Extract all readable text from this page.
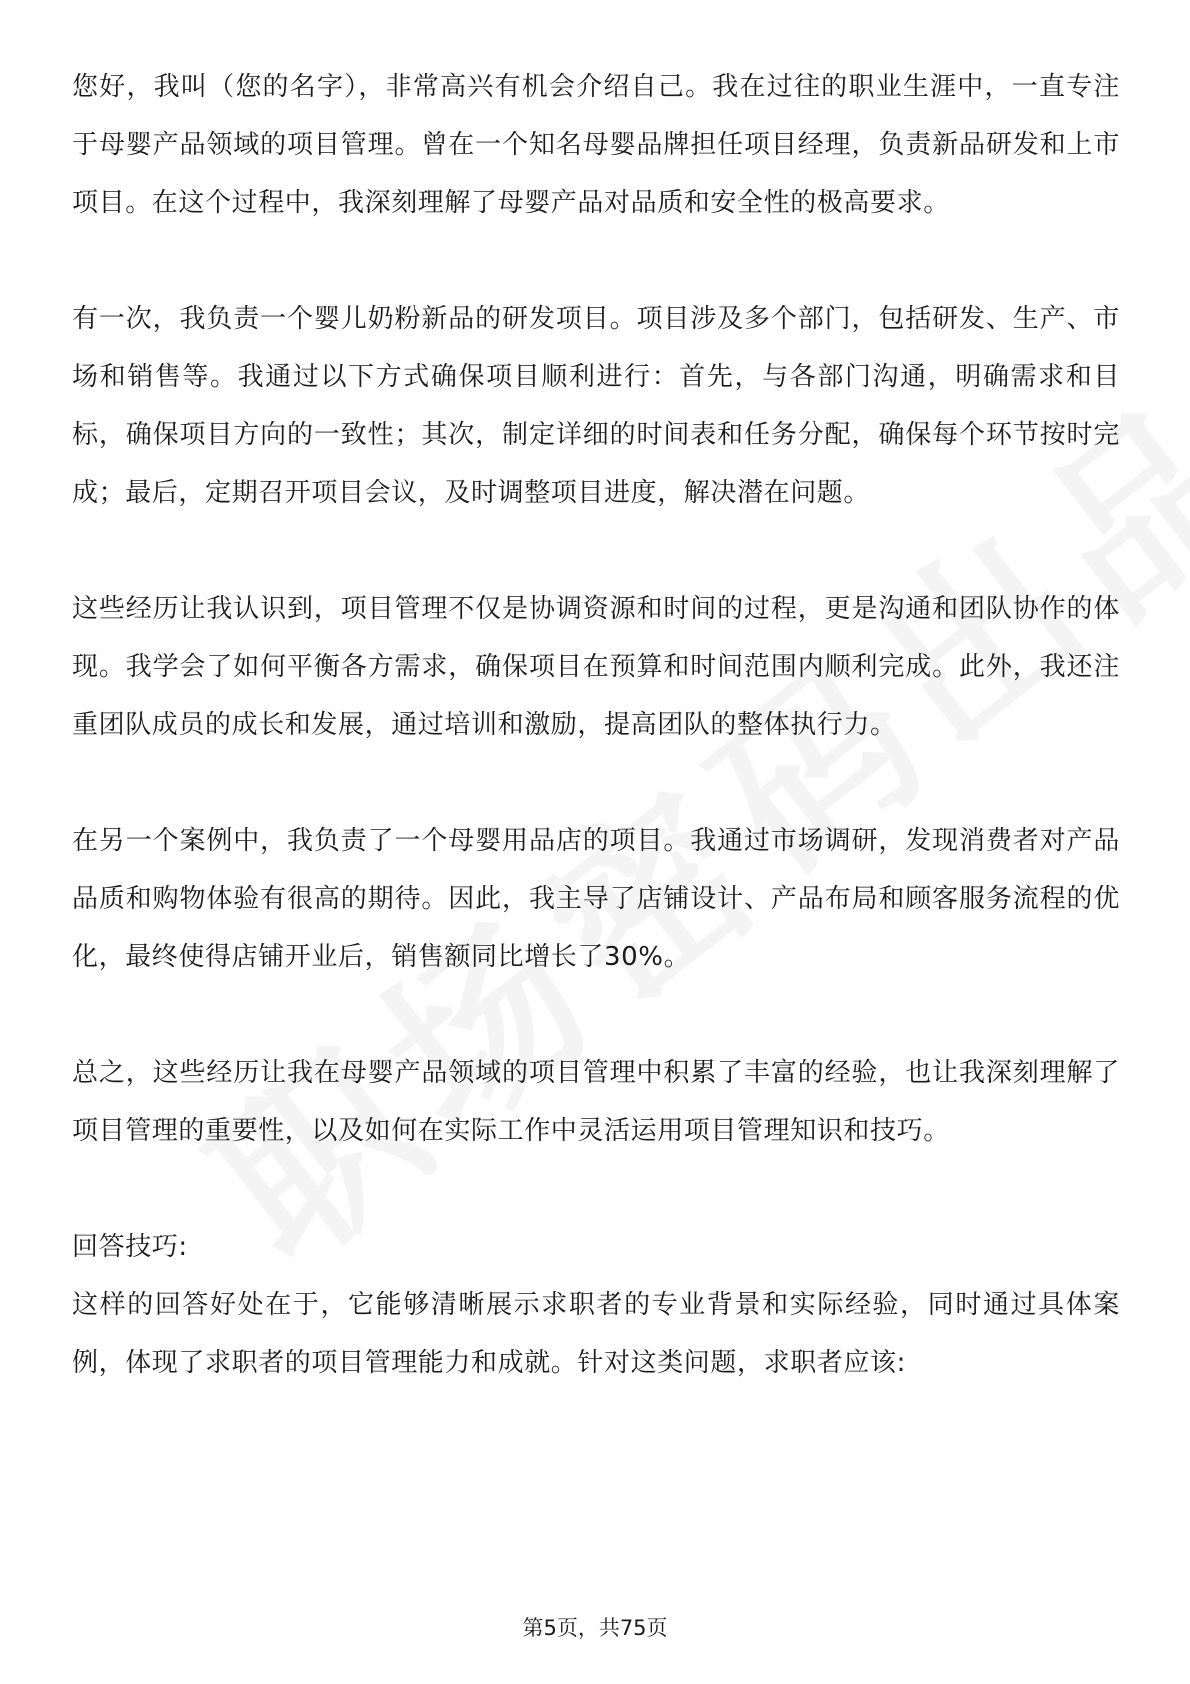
您好，我叫（您的名字），非常高兴有机会介绍自己。我在过往的职业生涯中，一直专注于母婴产品领域的项目管理。曾在一个知名母婴品牌担任项目经理，负责新品研发和上市项目。在这个过程中，我深刻理解了母婴产品对品质和安全性的极高要求。

有一次，我负责一个婴儿奶粉新品的研发项目。项目涉及多个部门，包括研发、生产、市场和销售等。我通过以下方式确保项目顺利进行：首先，与各部门沟通，明确需求和目标，确保项目方向的一致性；其次，制定详细的时间表和任务分配，确保每个环节按时完成；最后，定期召开项目会议，及时调整项目进度，解决潜在问题。

这些经历让我认识到，项目管理不仅是协调资源和时间的过程，更是沟通和团队协作的体现。我学会了如何平衡各方需求，确保项目在预算和时间范围内顺利完成。此外，我还注重团队成员的成长和发展，通过培训和激励，提高团队的整体执行力。

在另一个案例中，我负责了一个母婴用品店的项目。我通过市场调研，发现消费者对产品品质和购物体验有很高的期待。因此，我主导了店铺设计、产品布局和顾客服务流程的优化，最终使得店铺开业后，销售额同比增长了30%。

总之，这些经历让我在母婴产品领域的项目管理中积累了丰富的经验，也让我深刻理解了项目管理的重要性，以及如何在实际工作中灵活运用项目管理知识和技巧。

回答技巧:

这样的回答好处在于，它能够清晰展示求职者的专业背景和实际经验，同时通过具体案例，体现了求职者的项目管理能力和成就。针对这类问题，求职者应该:

第5页，共75页
